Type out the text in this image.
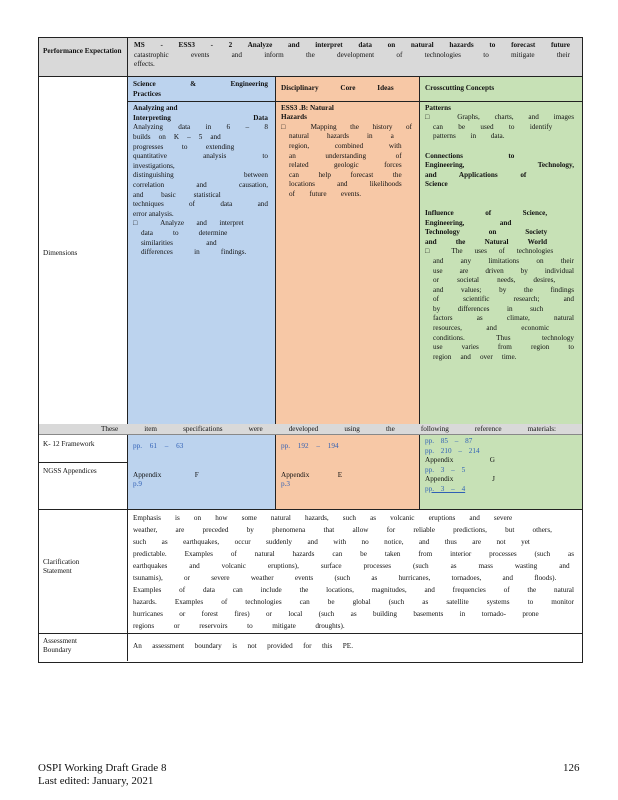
Performance Expectation
MS - ESS3 - 2 Analyze and interpret data on natural hazards to forecast future
catastrophic events and inform the development of technologies to mitigate their
effects.
Dimensions
Science & Engineering
Practices
Analyzing and
Interpreting Data
Analyzing data in 6 – 8
builds on K – 5 and
progresses to extending
quantitative analysis to
investigations,
distinguishing between
correlation and causation,
and basic statistical
techniques of data and
error analysis.
□ Analyze and interpret
data to determine
similarities and
differences in findings.
Disciplinary Core Ideas
ESS3 .B: Natural
Hazards
□ Mapping the history of
natural hazards in a
region, combined with
an understanding of
related geologic forces
can help forecast the
locations and likelihoods
of future events.
Crosscutting Concepts
Patterns
□ Graphs, charts, and images
can be used to identify
patterns in data.
Connections to
Engineering, Technology,
and Applications of
Science
Influence of Science,
Engineering, and
Technology on Society
and the Natural World
□ The uses of technologies
and any limitations on their
use are driven by individual
or societal needs, desires,
and values; by the findings
of scientific research; and
by differences in such
factors as climate, natural
resources, and economic
conditions. Thus technology
use varies from region to
region and over time.
These item specifications were developed using the following reference materials:
K- 12 Framework
NGSS Appendices
pp. 61 – 63
Appendix F
p.9
pp. 192 – 194
Appendix E
p.3
pp. 85 – 87
pp. 210 – 214
Appendix G
pp. 3 – 5
Appendix J
pp. 3 – 4
Clarification Statement
Emphasis is on how some natural hazards, such as volcanic eruptions and severe
weather, are preceded by phenomena that allow for reliable predictions, but others,
such as earthquakes, occur suddenly and with no notice, and thus are not yet
predictable. Examples of natural hazards can be taken from interior processes (such as
earthquakes and volcanic eruptions), surface processes (such as mass wasting and
tsunamis), or severe weather events (such as hurricanes, tornadoes, and floods).
Examples of data can include the locations, magnitudes, and frequencies of the natural
hazards. Examples of technologies can be global (such as satellite systems to monitor
hurricanes or forest fires) or local (such as building basements in tornado- prone
regions or reservoirs to mitigate droughts).
Assessment Boundary	An assessment boundary is not provided for this PE.
OSPI Working Draft Grade 8
Last edited: January, 2021
126
